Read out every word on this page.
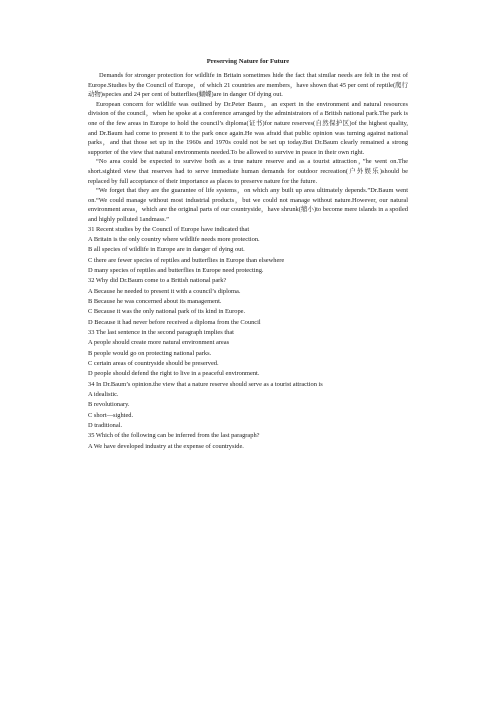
Preserving Nature for Future

Demands for stronger protection for wildlife in Britain sometimes hide the fact that similar needs are felt in the rest of Europe.Studies by the Council of Europe，of which 21 countries are members，have shown that 45 per cent of reptile(爬行动物)species and 24 per cent of butterflies(蝴蝶)are in danger Of dying out.

European concern for wildlife was outlined by Dr.Peter Baum，an expert in the environment and natural resources division of the council，when he spoke at a conference arranged by the administrators of a British national park.The park is one of the few areas in Europe to hold the council’s diploma(证书)for nature reserves(自然保护区)of the highest quality, and Dr.Baum had come to present it to the park once again.He was afraid that public opinion was turning against national parks，and that those set up in the 1960s and 1970s could not be set up today.But Dr.Baum clearly remained a strong supporter of the view that natural environments needed.To be allowed to survive in peace in their own right.

“No area could be expected to survive both as a true nature reserve and as a tourist attraction，”he went on.The short.sighted view that reserves had to serve immediate human demands for outdoor recreation(户外娱乐)should be replaced by full acceptance of their importance as places to preserve nature for the future.

“We forget that they are the guarantee of life systems，on which any built up area ultimately depends.”Dr.Baum went on.“We could manage without most industrial products，but we could not manage without nature.However, our natural environment areas，which are the original parts of our countryside，have shrunk(缩小)to become mere islands in a spoiled and highly polluted 1andmass.”

31 Recent studies by the Council of Europe have indicated that

A Britain is the only country where wildlife needs more protection.

B all species of wildlife in Europe are in danger of dying out.

C there are fewer species of reptiles and butterflies in Europe than elsewhere

D many species of reptiles and butterflies in Europe need protecting.

32 Why did Dr.Baum come to a British national park?

A Because he needed to present it with a council’s diploma.

B Because he was concerned about its management.

C Because it was the only national park of its kind in Europe.

D Because it had never before received a diploma from the Council

33 The last sentence in the second paragraph implies that

A people should create more natural environment areas

B people would go on protecting national parks.

C certain areas of countryside should be preserved.

D people should defend the right to live in a peaceful environment.

34 In Dr.Baum’s opinion.the view that a nature reserve should serve as a tourist attraction is

A idealistic.

B revolutionary.

C short—sighted.

D traditional.

35 Which of the following can be inferred from the last paragraph?

A We have developed industry at the expense of countryside.
